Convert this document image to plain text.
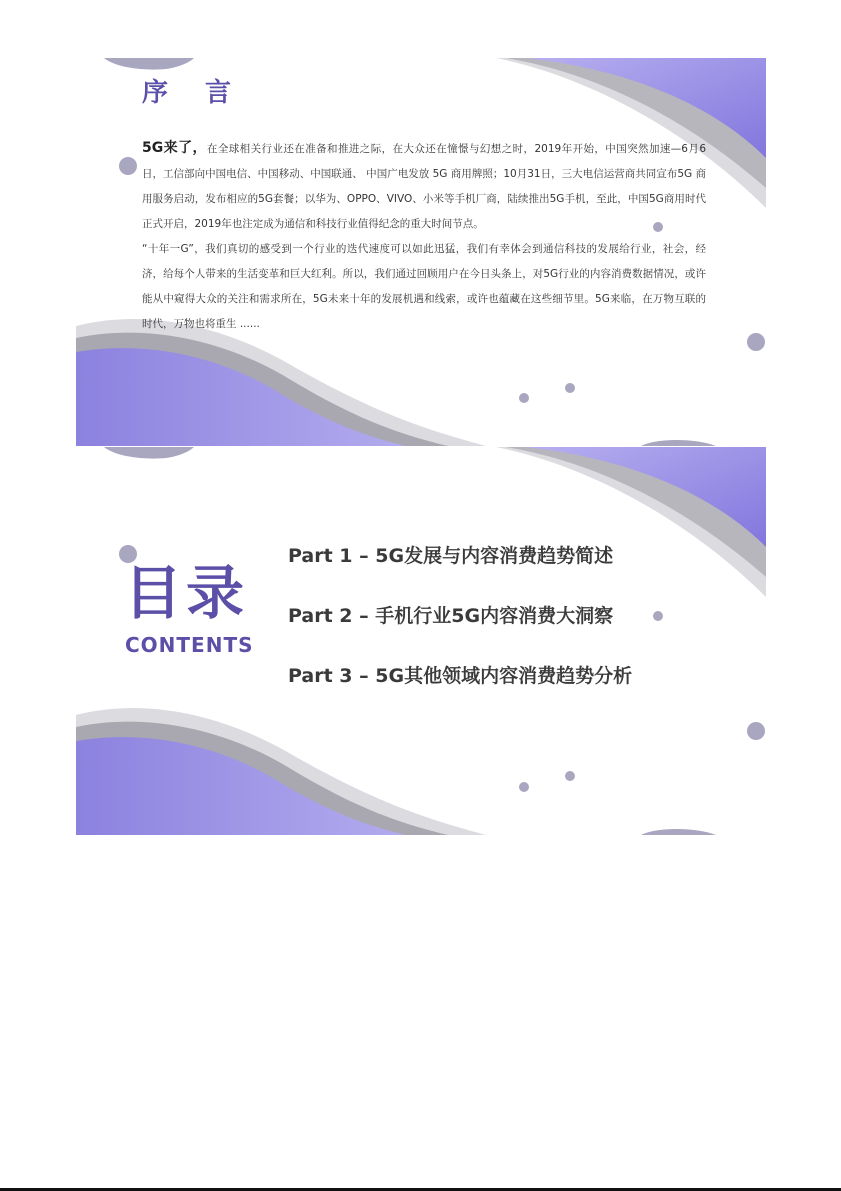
序 言

5G来了，在全球相关行业还在准备和推进之际，在大众还在憧憬与幻想之时，2019年开始，中国突然加速—6月6日，工信部向中国电信、中国移动、中国联通、 中国广电发放 5G 商用牌照；10月31日，三大电信运营商共同宣布5G 商用服务启动，发布相应的5G套餐；以华为、OPPO、VIVO、小米等手机厂商，陆续推出5G手机，至此，中国5G商用时代正式开启，2019年也注定成为通信和科技行业值得纪念的重大时间节点。

“十年一G”，我们真切的感受到一个行业的迭代速度可以如此迅猛，我们有幸体会到通信科技的发展给行业，社会，经济，给每个人带来的生活变革和巨大红利。所以，我们通过回顾用户在今日头条上，对5G行业的内容消费数据情况，或许能从中窥得大众的关注和需求所在，5G未来十年的发展机遇和线索，或许也蕴藏在这些细节里。5G来临，在万物互联的时代，万物也将重生 ......

目录
CONTENTS
Part 1 – 5G发展与内容消费趋势简述
Part 2 – 手机行业5G内容消费大洞察
Part 3 – 5G其他领域内容消费趋势分析
